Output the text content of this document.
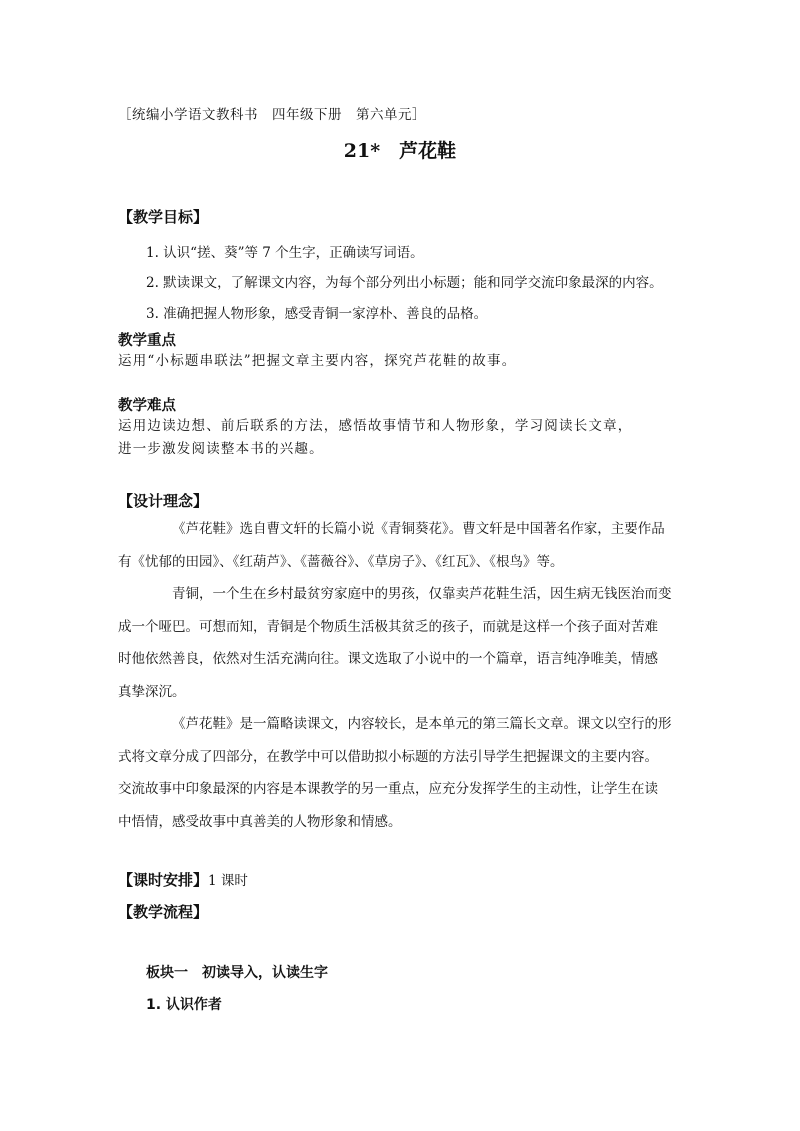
［统编小学语文教科书　四年级下册　第六单元］
21*　芦花鞋
【教学目标】
1. 认识“搓、葵”等 7 个生字，正确读写词语。
2. 默读课文，了解课文内容，为每个部分列出小标题；能和同学交流印象最深的内容。
3. 准确把握人物形象，感受青铜一家淳朴、善良的品格。
教学重点
运用“小标题串联法”把握文章主要内容，探究芦花鞋的故事。
教学难点
运用边读边想、前后联系的方法，感悟故事情节和人物形象，学习阅读长文章，
进一步激发阅读整本书的兴趣。
【设计理念】
《芦花鞋》选自曹文轩的长篇小说《青铜葵花》。曹文轩是中国著名作家，主要作品
有《忧郁的田园》、《红葫芦》、《蔷薇谷》、《草房子》、《红瓦》、《根鸟》等。
青铜，一个生在乡村最贫穷家庭中的男孩，仅靠卖芦花鞋生活，因生病无钱医治而变
成一个哑巴。可想而知，青铜是个物质生活极其贫乏的孩子，而就是这样一个孩子面对苦难
时他依然善良，依然对生活充满向往。课文选取了小说中的一个篇章，语言纯净唯美，情感
真挚深沉。
《芦花鞋》是一篇略读课文，内容较长，是本单元的第三篇长文章。课文以空行的形
式将文章分成了四部分，在教学中可以借助拟小标题的方法引导学生把握课文的主要内容。
交流故事中印象最深的内容是本课教学的另一重点，应充分发挥学生的主动性，让学生在读
中悟情，感受故事中真善美的人物形象和情感。
【课时安排】1 课时
【教学流程】
板块一　初读导入，认读生字
1. 认识作者
